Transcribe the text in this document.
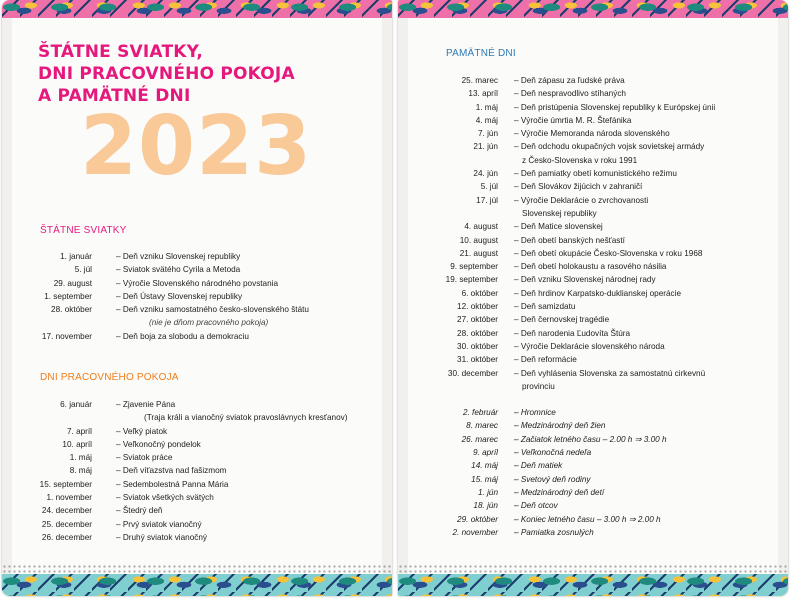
ŠTÁTNE SVIATKY,
DNI PRACOVNÉHO POKOJA
A PAMÄTNÉ DNI
2023
ŠTÁTNE SVIATKY
1. január	– Deň vzniku Slovenskej republiky
5. júl	– Sviatok svätého Cyrila a Metoda
29. august	– Výročie Slovenského národného povstania
1. september	– Deň Ústavy Slovenskej republiky
28. október	– Deň vzniku samostatného česko-slovenského štátu
(nie je dňom pracovného pokoja)
17. november	– Deň boja za slobodu a demokraciu
DNI PRACOVNÉHO POKOJA
6. január	– Zjavenie Pána
(Traja králi a vianočný sviatok pravoslávnych kresťanov)
7. apríl	– Veľký piatok
10. apríl	– Veľkonočný pondelok
1. máj	– Sviatok práce
8. máj	– Deň víťazstva nad fašizmom
15. september	– Sedembolestná Panna Mária
1. november	– Sviatok všetkých svätých
24. december	– Štedrý deň
25. december	– Prvý sviatok vianočný
26. december	– Druhý sviatok vianočný
PAMÄTNÉ DNI
25. marec	– Deň zápasu za ľudské práva
13. apríl	– Deň nespravodlivo stíhaných
1. máj	– Deň pristúpenia Slovenskej republiky k Európskej únii
4. máj	– Výročie úmrtia M. R. Štefánika
7. jún	– Výročie Memoranda národa slovenského
21. jún	– Deň odchodu okupačných vojsk sovietskej armády
z Česko-Slovenska v roku 1991
24. jún	– Deň pamiatky obetí komunistického režimu
5. júl	– Deň Slovákov žijúcich v zahraničí
17. júl	– Výročie Deklarácie o zvrchovanosti
Slovenskej republiky
4. august	– Deň Matice slovenskej
10. august	– Deň obetí banských nešťastí
21. august	– Deň obetí okupácie Česko-Slovenska v roku 1968
9. september	– Deň obetí holokaustu a rasového násilia
19. september	– Deň vzniku Slovenskej národnej rady
6. október	– Deň hrdinov Karpatsko-duklianskej operácie
12. október	– Deň samizdatu
27. október	– Deň černovskej tragédie
28. október	– Deň narodenia Ľudovíta Štúra
30. október	– Výročie Deklarácie slovenského národa
31. október	– Deň reformácie
30. december	– Deň vyhlásenia Slovenska za samostatnú cirkevnú
provinciu
2. február	– Hromnice
8. marec	– Medzinárodný deň žien
26. marec	– Začiatok letného času – 2.00 h ⇒ 3.00 h
9. apríl	– Veľkonočná nedeľa
14. máj	– Deň matiek
15. máj	– Svetový deň rodiny
1. jún	– Medzinárodný deň detí
18. jún	– Deň otcov
29. október	– Koniec letného času – 3.00 h ⇒ 2.00 h
2. november	– Pamiatka zosnulých
